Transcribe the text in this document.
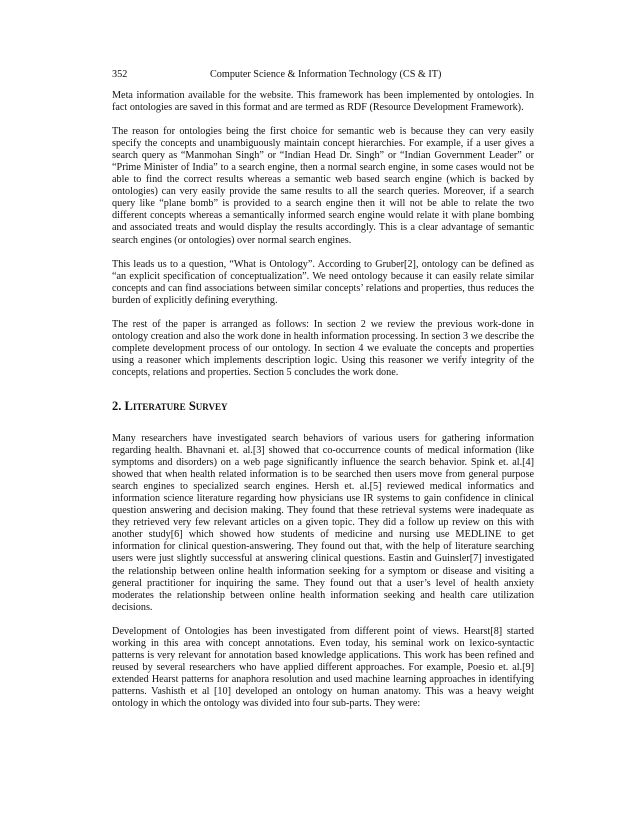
352	Computer Science & Information Technology (CS & IT)

Meta information available for the website. This framework has been implemented by ontologies. In fact ontologies are saved in this format and are termed as RDF (Resource Development Framework).

The reason for ontologies being the first choice for semantic web is because they can very easily specify the concepts and unambiguously maintain concept hierarchies. For example, if a user gives a search query as “Manmohan Singh” or “Indian Head Dr. Singh” or “Indian Government Leader” or “Prime Minister of India” to a search engine, then a normal search engine, in some cases would not be able to find the correct results whereas a semantic web based search engine (which is backed by ontologies) can very easily provide the same results to all the search queries. Moreover, if a search query like “plane bomb” is provided to a search engine then it will not be able to relate the two different concepts whereas a semantically informed search engine would relate it with plane bombing and associated treats and would display the results accordingly. This is a clear advantage of semantic search engines (or ontologies) over normal search engines.

This leads us to a question, “What is Ontology”. According to Gruber[2], ontology can be defined as “an explicit specification of conceptualization”. We need ontology because it can easily relate similar concepts and can find associations between similar concepts’ relations and properties, thus reduces the burden of explicitly defining everything.

The rest of the paper is arranged as follows: In section 2 we review the previous work-done in ontology creation and also the work done in health information processing. In section 3 we describe the complete development process of our ontology. In section 4 we evaluate the concepts and properties using a reasoner which implements description logic. Using this reasoner we verify integrity of the concepts, relations and properties. Section 5 concludes the work done.

2. Literature Survey

Many researchers have investigated search behaviors of various users for gathering information regarding health. Bhavnani et. al.[3] showed that co-occurrence counts of medical information (like symptoms and disorders) on a web page significantly influence the search behavior. Spink et. al.[4] showed that when health related information is to be searched then users move from general purpose search engines to specialized search engines. Hersh et. al.[5] reviewed medical informatics and information science literature regarding how physicians use IR systems to gain confidence in clinical question answering and decision making. They found that these retrieval systems were inadequate as they retrieved very few relevant articles on a given topic. They did a follow up review on this with another study[6] which showed how students of medicine and nursing use MEDLINE to get information for clinical question-answering. They found out that, with the help of literature searching users were just slightly successful at answering clinical questions. Eastin and Guinsler[7] investigated the relationship between online health information seeking for a symptom or disease and visiting a general practitioner for inquiring the same. They found out that a user’s level of health anxiety moderates the relationship between online health information seeking and health care utilization decisions.

Development of Ontologies has been investigated from different point of views. Hearst[8] started working in this area with concept annotations. Even today, his seminal work on lexico-syntactic patterns is very relevant for annotation based knowledge applications. This work has been refined and reused by several researchers who have applied different approaches. For example, Poesio et. al.[9] extended Hearst patterns for anaphora resolution and used machine learning approaches in identifying patterns. Vashisth et al [10] developed an ontology on human anatomy. This was a heavy weight ontology in which the ontology was divided into four sub-parts. They were:
